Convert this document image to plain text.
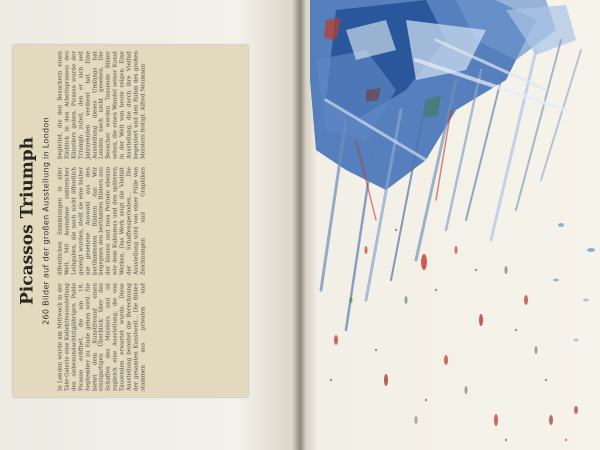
Picassos Triumph 260 Bilder auf der großen Ausstellung in London

In London wurde am Mittwoch in der Tate-Galerie eine Kollektivausstellung des siebenundachtzigjährigen Pablo Picasso eröffnet, die am 18. September zu Ende gehen wird. Sie bietet dem Kunstfreund einen einzigartigen Überblick über das Schaffen des Meisters und ist zugleich eine Ausstellung, die von Tausenden erwartet wurde. Diese Ausstellung bereitet die Berechnung der gesamten Kunstwelt... Die Bilder stammen aus privaten und öffentlichen Sammlungen in aller Welt. Mit Ausnahme zahlreicher Leihgaben, die noch nicht öffentlich gezeigt wurden, stellt sie eine bisher nie gesehene Auswahl aus den berühmtesten Bildern dar. Wir begegnen den berühmten Bildern aus der blauen und rosa Periode ebenso wie dem Kubismus und den späteren Werken. Das Werk zeigt die Vielfalt der Schaffensperioden... Die Ausstellung wird von einer Fülle von Zeichnungen und Graphiken begleitet, die den Besuchern einen Einblick in den Arbeitsprozess des Künstlers geben. Picasso wurde der Triumph zuteil, den er sich seit Jahrzehnten verdient hat. Eine Ausstellung dieses Umfangs hat London noch nicht gesehen. Die Besucher werden Tausende Bilder sehen, die einen Wandel seiner Kunst in der Welt von heute zeigen. Eine Ausstellung, die durch ihre Vielfalt begeistert und den Ruhm des großen Meisters festigt. Alfred Neumann
